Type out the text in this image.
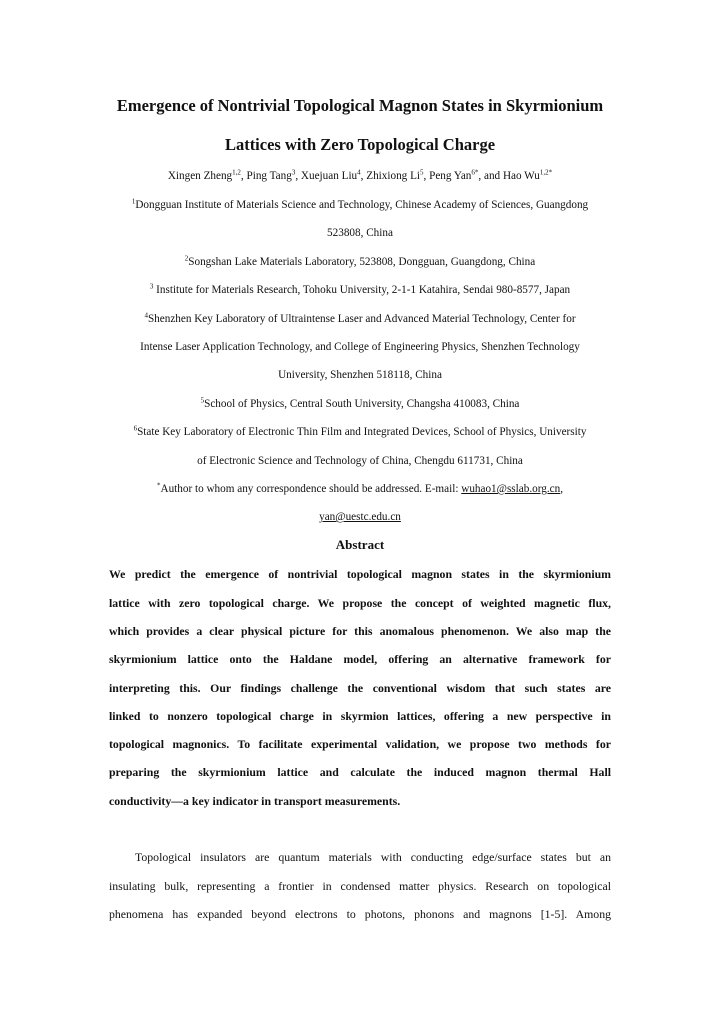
Emergence of Nontrivial Topological Magnon States in Skyrmionium
Lattices with Zero Topological Charge
Xingen Zheng$^{1,2}$, Ping Tang$^3$, Xuejuan Liu$^4$, Zhixiong Li$^5$, Peng Yan$^{6*}$, and Hao $Wu^{1,2*}$
$^1$Dongguan Institute of Materials Science and Technology, Chinese Academy of Sciences, Guangdong
523808, China
$^2$Songshan Lake Materials Laboratory, 523808, Dongguan, Guangdong, China
$^3$ Institute for Materials Research, Tohoku University, 2-1-1 Katahira, Sendai 980-8577, Japan
$^4$Shenzhen Key Laboratory of Ultraintense Laser and Advanced Material Technology, Center for
Intense Laser Application Technology, and College of Engineering Physics, Shenzhen Technology
University, Shenzhen 518118, China
$^5$School of Physics, Central South University, Changsha 410083, China
$^6$State Key Laboratory of Electronic Thin Film and Integrated Devices, School of Physics, University
of Electronic Science and Technology of China, Chengdu 611731, China
*Author to whom any correspondence should be addressed. E-mail: wuhao1@sslab.org.cn,
yan@uestc.edu.cn
Abstract
We predict the emergence of nontrivial topological magnon states in the skyrmionium
lattice with zero topological charge. We propose the concept of weighted magnetic flux,
which provides a clear physical picture for this anomalous phenomenon. We also map the
skyrmionium lattice onto the Haldane model, offering an alternative framework for
interpreting this. Our findings challenge the conventional wisdom that such states are
linked to nonzero topological charge in skyrmion lattices, offering a new perspective in
topological magnonics. To facilitate experimental validation, we propose two methods for
preparing the skyrmionium lattice and calculate the induced magnon thermal Hall
conductivity—a key indicator in transport measurements.
Topological insulators are quantum materials with conducting edge/surface states but an
insulating bulk, representing a frontier in condensed matter physics. Research on topological
phenomena has expanded beyond electrons to photons, phonons and magnons [1-5]. Among
